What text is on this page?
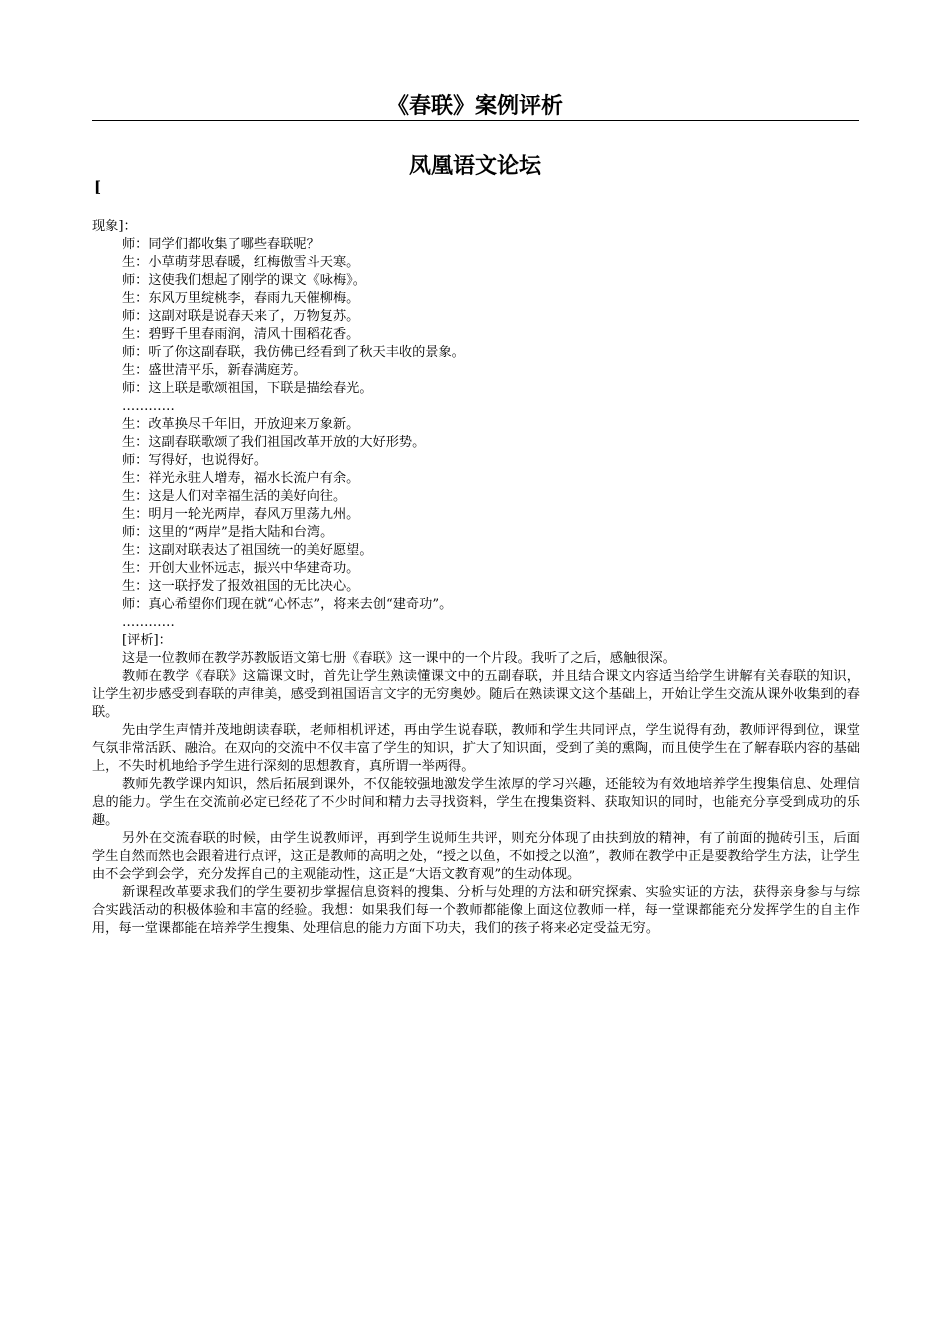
《春联》案例评析
凤凰语文论坛
[

现象]：

师：同学们都收集了哪些春联呢？

生：小草萌芽思春暖，红梅傲雪斗天寒。

师：这使我们想起了刚学的课文《咏梅》。

生：东风万里绽桃李，春雨九天催柳梅。

师：这副对联是说春天来了，万物复苏。

生：碧野千里春雨润，清风十围稻花香。

师：听了你这副春联，我仿佛已经看到了秋天丰收的景象。

生：盛世清平乐，新春满庭芳。

师：这上联是歌颂祖国，下联是描绘春光。

…………

生：改革换尽千年旧，开放迎来万象新。

生：这副春联歌颂了我们祖国改革开放的大好形势。

师：写得好，也说得好。

生：祥光永驻人增寿，福水长流户有余。

生：这是人们对幸福生活的美好向往。

生：明月一轮光两岸，春风万里荡九州。

师：这里的“两岸”是指大陆和台湾。

生：这副对联表达了祖国统一的美好愿望。

生：开创大业怀远志，振兴中华建奇功。

生：这一联抒发了报效祖国的无比决心。

师：真心希望你们现在就“心怀志”，将来去创“建奇功”。

…………

[评析]：

这是一位教师在教学苏教版语文第七册《春联》这一课中的一个片段。我听了之后，感触很深。

教师在教学《春联》这篇课文时，首先让学生熟读懂课文中的五副春联，并且结合课文内容适当给学生讲解有关春联的知识，让学生初步感受到春联的声律美，感受到祖国语言文字的无穷奥妙。随后在熟读课文这个基础上，开始让学生交流从课外收集到的春联。

先由学生声情并茂地朗读春联，老师相机评述，再由学生说春联，教师和学生共同评点，学生说得有劲，教师评得到位，课堂气氛非常活跃、融洽。在双向的交流中不仅丰富了学生的知识，扩大了知识面，受到了美的熏陶，而且使学生在了解春联内容的基础上，不失时机地给予学生进行深刻的思想教育，真所谓一举两得。

教师先教学课内知识，然后拓展到课外，不仅能较强地激发学生浓厚的学习兴趣，还能较为有效地培养学生搜集信息、处理信息的能力。学生在交流前必定已经花了不少时间和精力去寻找资料，学生在搜集资料、获取知识的同时，也能充分享受到成功的乐趣。

另外在交流春联的时候，由学生说教师评，再到学生说师生共评，则充分体现了由扶到放的精神，有了前面的抛砖引玉，后面学生自然而然也会跟着进行点评，这正是教师的高明之处，“授之以鱼，不如授之以渔”，教师在教学中正是要教给学生方法，让学生由不会学到会学，充分发挥自己的主观能动性，这正是“大语文教育观”的生动体现。

新课程改革要求我们的学生要初步掌握信息资料的搜集、分析与处理的方法和研究探索、实验实证的方法，获得亲身参与与综合实践活动的积极体验和丰富的经验。我想：如果我们每一个教师都能像上面这位教师一样，每一堂课都能充分发挥学生的自主作用，每一堂课都能在培养学生搜集、处理信息的能力方面下功夫，我们的孩子将来必定受益无穷。
